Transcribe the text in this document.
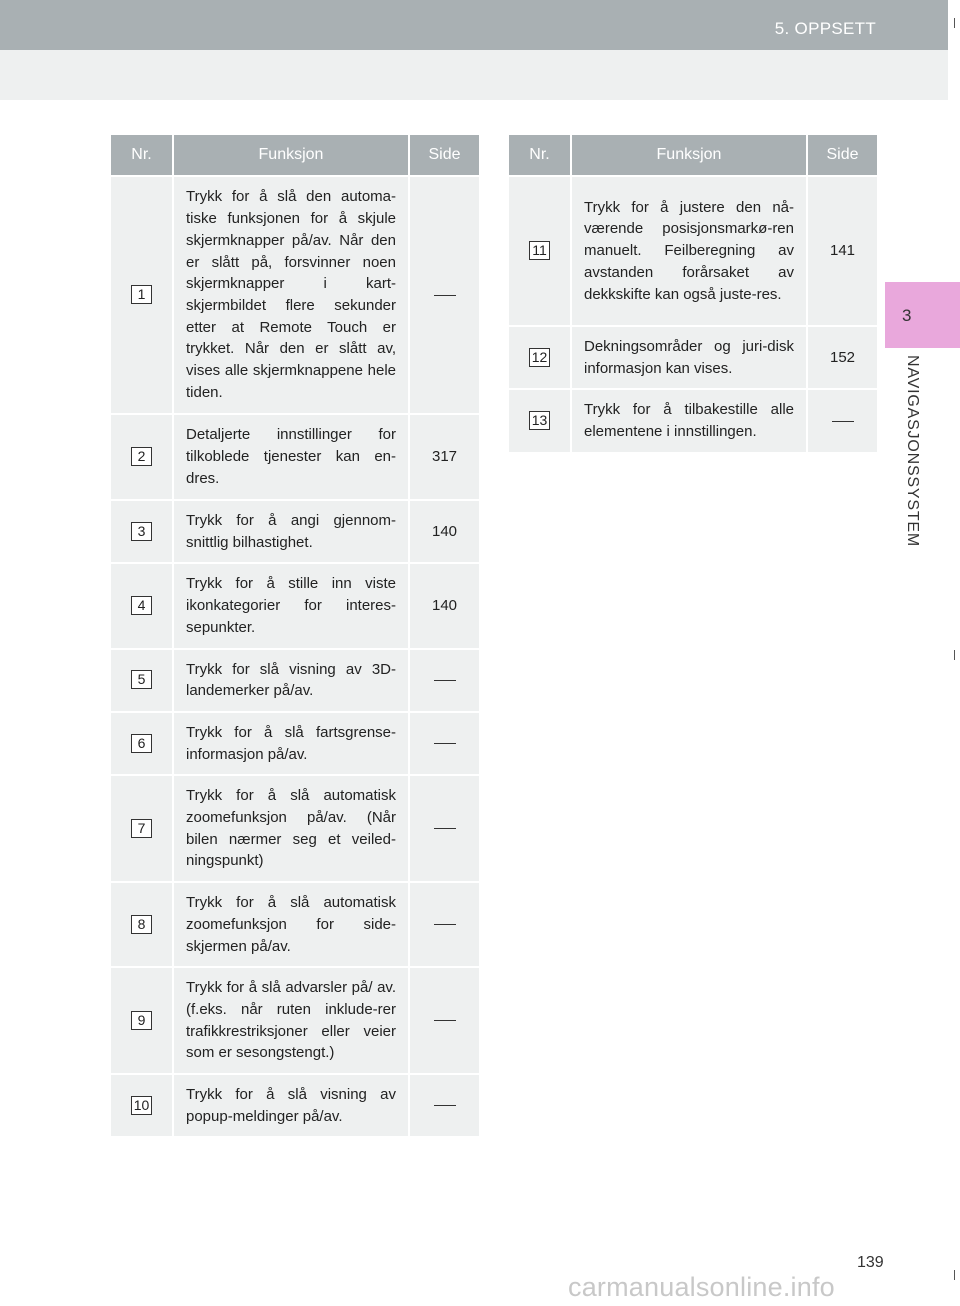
5. OPPSETT
3
NAVIGASJONSSYSTEM
Nr.	Funksjon	Side
1	Trykk for å slå den automa-tiske funksjonen for å skjule skjermknapper på/av. Når den er slått på, forsvinner noen skjermknapper i kart-skjermbildet flere sekunder etter at Remote Touch er trykket. Når den er slått av, vises alle skjermknappene hele tiden.	
2	Detaljerte innstillinger for tilkoblede tjenester kan en-dres.	317
3	Trykk for å angi gjennom-snittlig bilhastighet.	140
4	Trykk for å stille inn viste ikonkategorier for interes-sepunkter.	140
5	Trykk for slå visning av 3D-landemerker på/av.	
6	Trykk for å slå fartsgrense-informasjon på/av.	
7	Trykk for å slå automatisk zoomefunksjon på/av. (Når bilen nærmer seg et veiled-ningspunkt)	
8	Trykk for å slå automatisk zoomefunksjon for side-skjermen på/av.	
9	Trykk for å slå advarsler på/ av. (f.eks. når ruten inklude-rer trafikkrestriksjoner eller veier som er sesongstengt.)	
10	Trykk for å slå visning av popup-meldinger på/av.	
Nr.	Funksjon	Side
11	Trykk for å justere den nå-værende posisjonsmarkø-ren manuelt. Feilberegning av avstanden forårsaket av dekkskifte kan også juste-res.	141
12	Dekningsområder og juri-disk informasjon kan vises.	152
13	Trykk for å tilbakestille alle elementene i innstillingen.	
139
carmanualsonline.info
